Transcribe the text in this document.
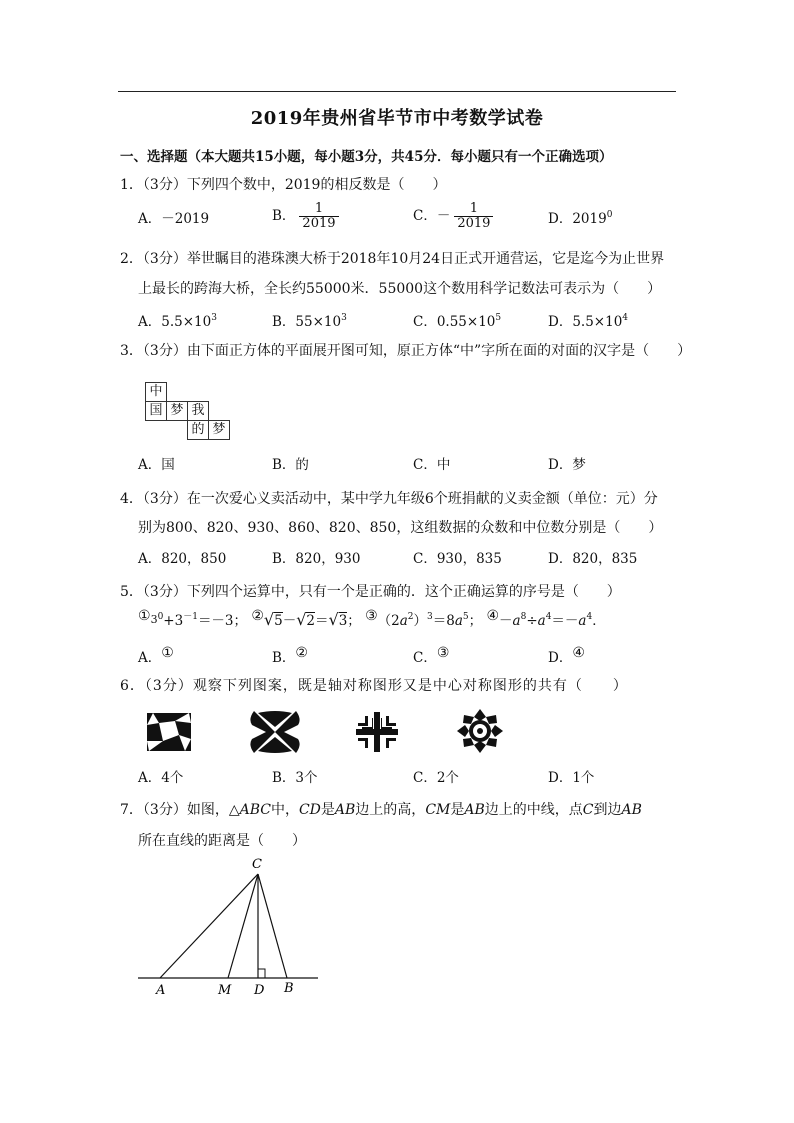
2019年贵州省毕节市中考数学试卷
一、选择题（本大题共15小题，每小题3分，共45分．每小题只有一个正确选项）
1．（3分）下列四个数中，2019的相反数是（　　）
A．－2019	B． $\frac{1}{2019}$	C．－ $\frac{1}{2019}$	D．2019$^0$
2．（3分）举世瞩目的港珠澳大桥于2018年10月24日正式开通营运，它是迄今为止世界
上最长的跨海大桥，全长约55000米．55000这个数用科学记数法可表示为（　　）
A．$5.5\times 10^3$	B．$55\times 10^3$	C．$0.55\times 10^5$	D．$5.5\times 10^4$
3．（3分）由下面正方体的平面展开图可知，原正方体“中”字所在面的对面的汉字是（　　）
中
国 梦 我
的 梦
A．国	B．的	C．中	D．梦
4．（3分）在一次爱心义卖活动中，某中学九年级6个班捐献的义卖金额（单位：元）分
别为800、820、930、860、820、850，这组数据的众数和中位数分别是（　　）
A．820，850	B．820，930	C．930，835	D．820，835
5．（3分）下列四个运算中，只有一个是正确的．这个正确运算的序号是（　　）
$①^{30}+3^{-1}=-3$； ②√5－√2＝√3； $③(2a^2)^3=8a^5$； $④-a^8\div a^4=-a^4$．
A．①	B．②	C．③	D．④
6．（3分）观察下列图案，既是轴对称图形又是中心对称图形的共有（　　）
A．4个	B．3个	C．2个	D．1个
7．（3分）如图，△ABC中，CD是AB边上的高，CM是AB边上的中线，点C到边AB
所在直线的距离是（　　）
C
A	M D B
